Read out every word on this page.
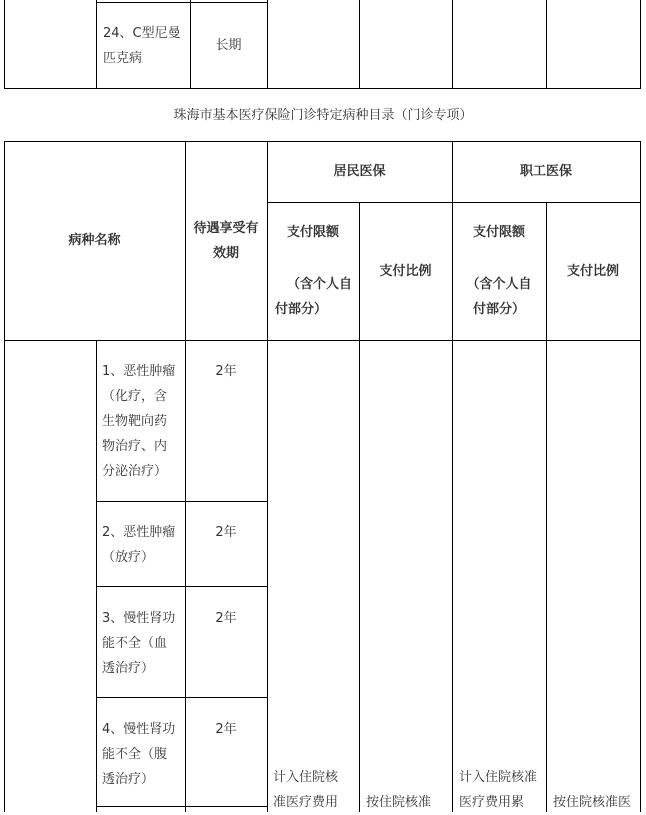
24、C型尼曼
匹克病
长期
珠海市基本医疗保险门诊特定病种目录（门诊专项）
病种名称
待遇享受有
效期
居民医保	职工医保
支付限额
（含个人自
付部分）
支付比例
支付限额
（含个人自
付部分）
支付比例
1、恶性肿瘤
（化疗，含
生物靶向药
物治疗、内
分泌治疗）
2年
2、恶性肿瘤
（放疗）
2年
3、慢性肾功
能不全（血
透治疗）
2年
4、慢性肾功
能不全（腹
透治疗）
2年
计入住院核
准医疗费用 按住院核准
计入住院核准
医疗费用累 按住院核准医
